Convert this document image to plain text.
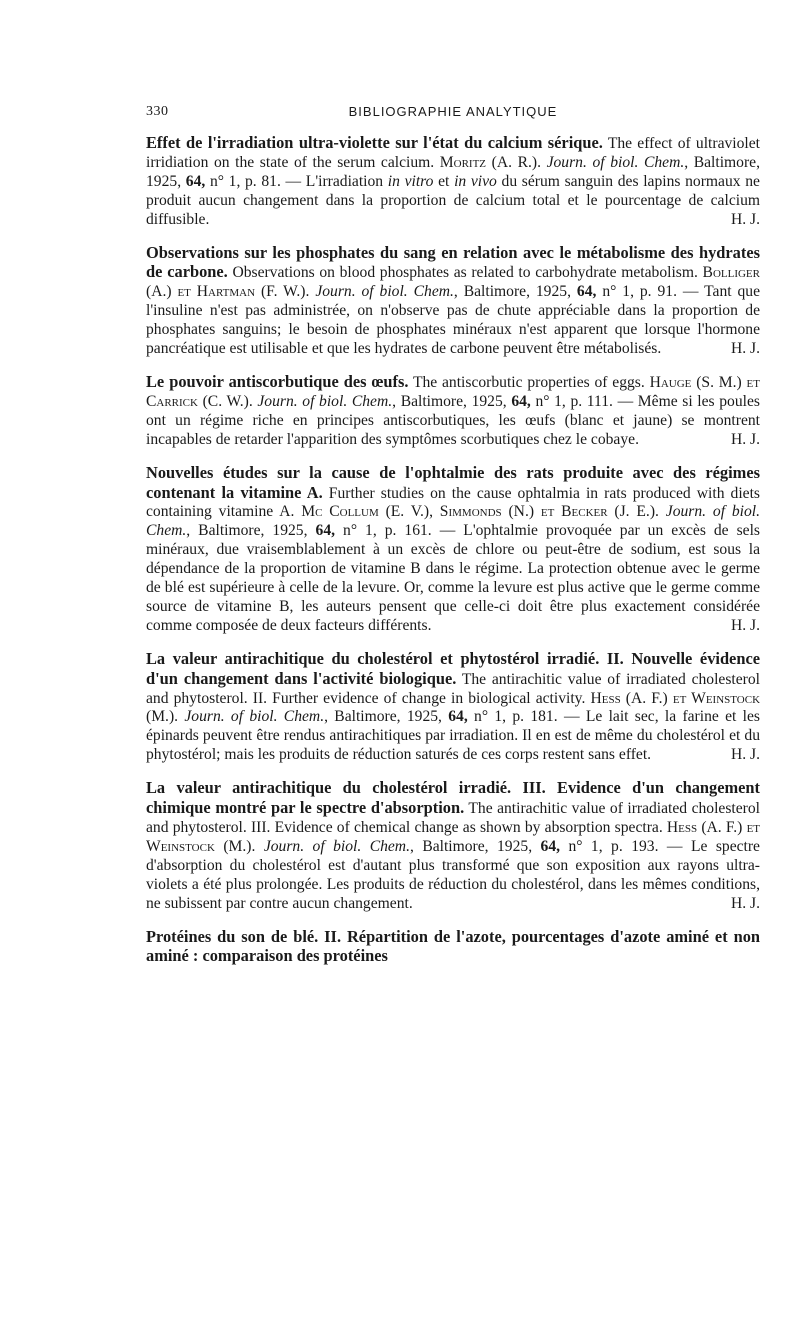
330	BIBLIOGRAPHIE ANALYTIQUE

Effet de l'irradiation ultra-violette sur l'état du calcium sérique. The effect of ultraviolet irridiation on the state of the serum calcium. Moritz (A. R.). Journ. of biol. Chem., Baltimore, 1925, 64, n° 1, p. 81. — L'irradiation in vitro et in vivo du sérum sanguin des lapins normaux ne produit aucun changement dans la proportion de calcium total et le pourcentage de calcium diffusible.	H. J.

Observations sur les phosphates du sang en relation avec le métabolisme des hydrates de carbone. Observations on blood phosphates as related to carbohydrate metabolism. Bolliger (A.) et Hartman (F. W.). Journ. of biol. Chem., Baltimore, 1925, 64, n° 1, p. 91. — Tant que l'insuline n'est pas administrée, on n'observe pas de chute appréciable dans la proportion de phosphates sanguins; le besoin de phosphates minéraux n'est apparent que lorsque l'hormone pancréatique est utilisable et que les hydrates de carbone peuvent être métabolisés.	H. J.

Le pouvoir antiscorbutique des œufs. The antiscorbutic properties of eggs. Hauge (S. M.) et Carrick (C. W.). Journ. of biol. Chem., Baltimore, 1925, 64, n° 1, p. 111. — Même si les poules ont un régime riche en principes antiscorbutiques, les œufs (blanc et jaune) se montrent incapables de retarder l'apparition des symptômes scorbutiques chez le cobaye.	H. J.

Nouvelles études sur la cause de l'ophtalmie des rats produite avec des régimes contenant la vitamine A. Further studies on the cause ophtalmia in rats produced with diets containing vitamine A. Mc Collum (E. V.), Simmonds (N.) et Becker (J. E.). Journ. of biol. Chem., Baltimore, 1925, 64, n° 1, p. 161. — L'ophtalmie provoquée par un excès de sels minéraux, due vraisemblablement à un excès de chlore ou peut-être de sodium, est sous la dépendance de la proportion de vitamine B dans le régime. La protection obtenue avec le germe de blé est supérieure à celle de la levure. Or, comme la levure est plus active que le germe comme source de vitamine B, les auteurs pensent que celle-ci doit être plus exactement considérée comme composée de deux facteurs différents.	H. J.

La valeur antirachitique du cholestérol et phytostérol irradié. II. Nouvelle évidence d'un changement dans l'activité biologique. The antirachitic value of irradiated cholesterol and phytosterol. II. Further evidence of change in biological activity. Hess (A. F.) et Weinstock (M.). Journ. of biol. Chem., Baltimore, 1925, 64, n° 1, p. 181. — Le lait sec, la farine et les épinards peuvent être rendus antirachitiques par irradiation. Il en est de même du cholestérol et du phytostérol; mais les produits de réduction saturés de ces corps restent sans effet.	H. J.

La valeur antirachitique du cholestérol irradié. III. Evidence d'un changement chimique montré par le spectre d'absorption. The antirachitic value of irradiated cholesterol and phytosterol. III. Evidence of chemical change as shown by absorption spectra. Hess (A. F.) et Weinstock (M.). Journ. of biol. Chem., Baltimore, 1925, 64, n° 1, p. 193. — Le spectre d'absorption du cholestérol est d'autant plus transformé que son exposition aux rayons ultra-violets a été plus prolongée. Les produits de réduction du cholestérol, dans les mêmes conditions, ne subissent par contre aucun changement.	H. J.

Protéines du son de blé. II. Répartition de l'azote, pourcentages d'azote aminé et non aminé : comparaison des protéines
